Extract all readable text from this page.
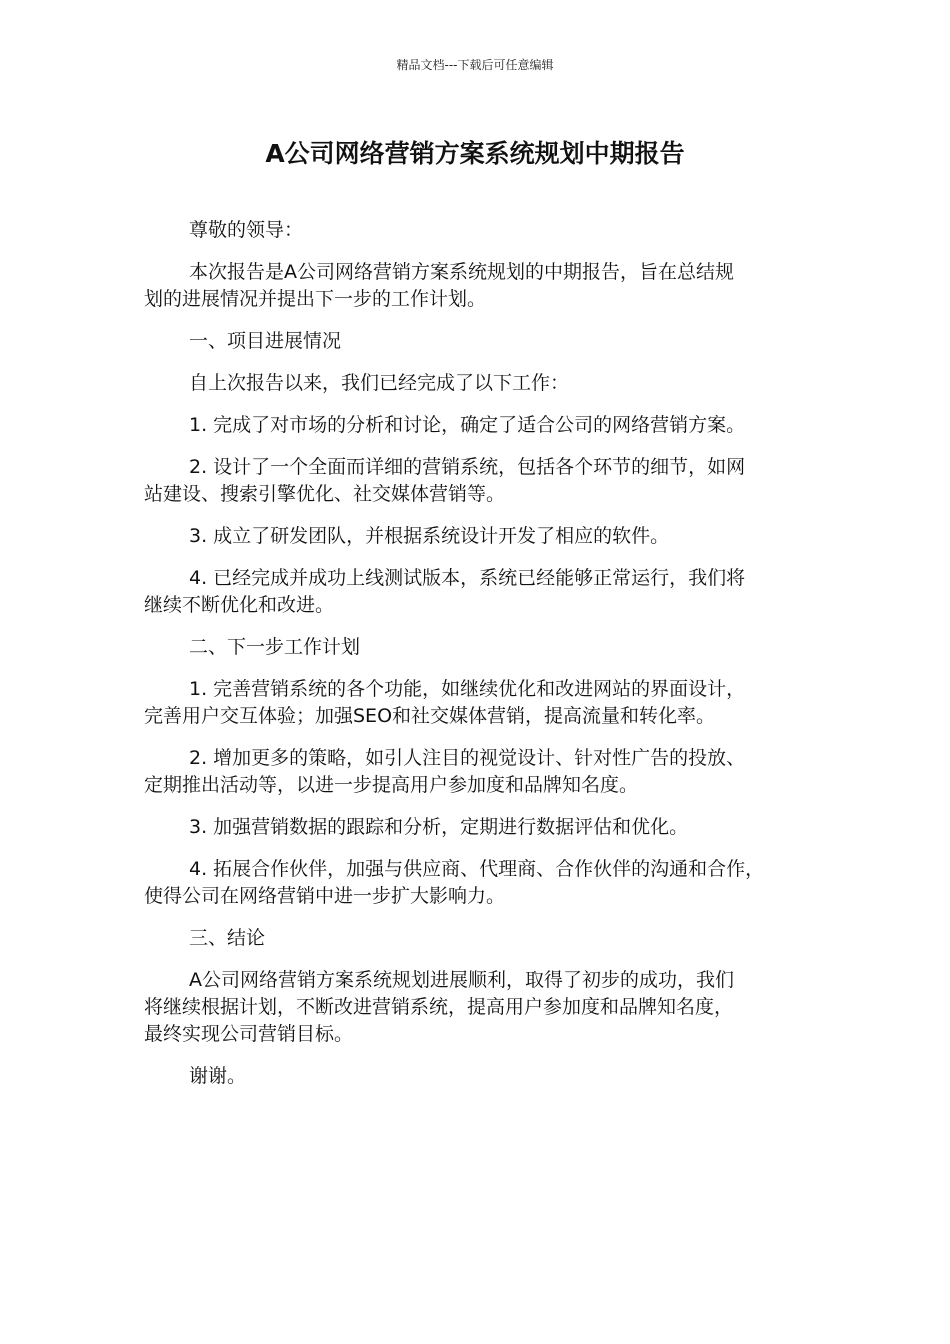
精品文档---下载后可任意编辑
A公司网络营销方案系统规划中期报告

尊敬的领导：

本次报告是A公司网络营销方案系统规划的中期报告，旨在总结规
划的进展情况并提出下一步的工作计划。

一、项目进展情况

自上次报告以来，我们已经完成了以下工作：

1. 完成了对市场的分析和讨论，确定了适合公司的网络营销方案。

2. 设计了一个全面而详细的营销系统，包括各个环节的细节，如网
站建设、搜索引擎优化、社交媒体营销等。

3. 成立了研发团队，并根据系统设计开发了相应的软件。

4. 已经完成并成功上线测试版本，系统已经能够正常运行，我们将
继续不断优化和改进。

二、下一步工作计划

1. 完善营销系统的各个功能，如继续优化和改进网站的界面设计，
完善用户交互体验；加强SEO和社交媒体营销，提高流量和转化率。

2. 增加更多的策略，如引人注目的视觉设计、针对性广告的投放、
定期推出活动等，以进一步提高用户参加度和品牌知名度。

3. 加强营销数据的跟踪和分析，定期进行数据评估和优化。

4. 拓展合作伙伴，加强与供应商、代理商、合作伙伴的沟通和合作，
使得公司在网络营销中进一步扩大影响力。

三、结论

A公司网络营销方案系统规划进展顺利，取得了初步的成功，我们
将继续根据计划，不断改进营销系统，提高用户参加度和品牌知名度，
最终实现公司营销目标。

谢谢。
